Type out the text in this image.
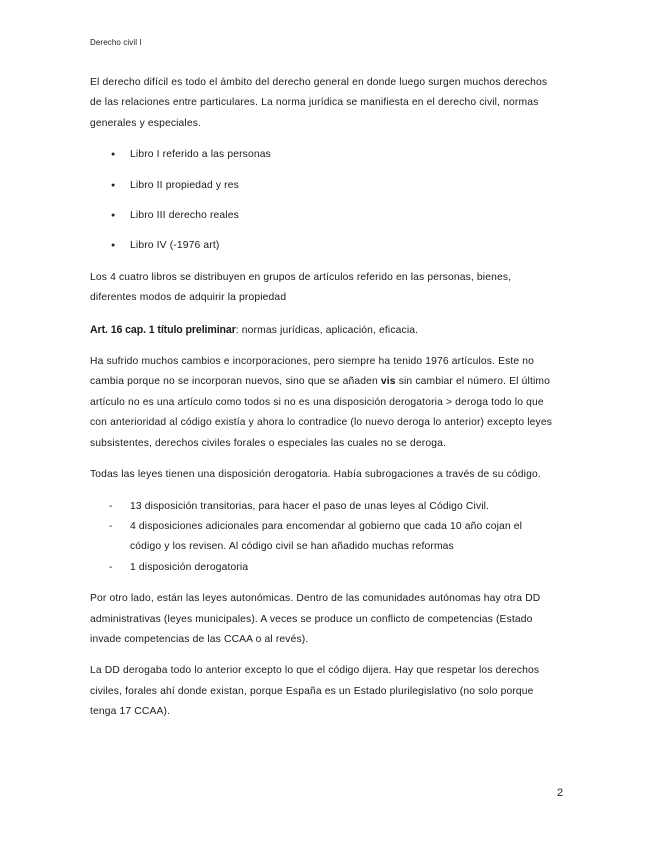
Derecho civil I

El derecho difícil es todo el ámbito del derecho general en donde luego surgen muchos derechos de las relaciones entre particulares. La norma jurídica se manifiesta en el derecho civil, normas generales y especiales.

● Libro I referido a las personas
● Libro II propiedad y res
● Libro III derecho reales
● Libro IV (-1976 art)

Los 4 cuatro libros se distribuyen en grupos de artículos referido en las personas, bienes, diferentes modos de adquirir la propiedad

Art. 16 cap. 1 título preliminar: normas jurídicas, aplicación, eficacia.

Ha sufrido muchos cambios e incorporaciones, pero siempre ha tenido 1976 artículos. Este no cambia porque no se incorporan nuevos, sino que se añaden vis sin cambiar el número. El último artículo no es una artículo como todos si no es una disposición derogatoria > deroga todo lo que con anterioridad al código existía y ahora lo contradice (lo nuevo deroga lo anterior) excepto leyes subsistentes, derechos civiles forales o especiales las cuales no se deroga.

Todas las leyes tienen una disposición derogatoria. Había subrogaciones a través de su código.

- 13 disposición transitorias, para hacer el paso de unas leyes al Código Civil.
- 4 disposiciones adicionales para encomendar al gobierno que cada 10 año cojan el código y los revisen. Al código civil se han añadido muchas reformas
- 1 disposición derogatoria

Por otro lado, están las leyes autonómicas. Dentro de las comunidades autónomas hay otra DD administrativas (leyes municipales). A veces se produce un conflicto de competencias (Estado invade competencias de las CCAA o al revés).

La DD derogaba todo lo anterior excepto lo que el código dijera. Hay que respetar los derechos civiles, forales ahí donde existan, porque España es un Estado plurilegislativo (no solo porque tenga 17 CCAA).

2
